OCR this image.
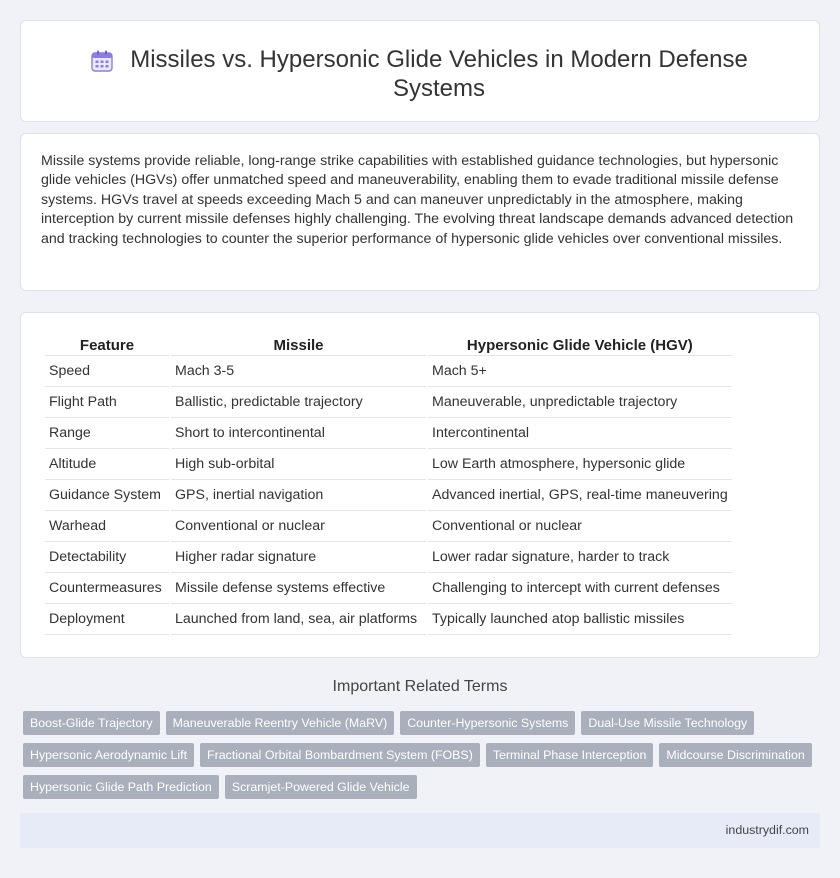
Missiles vs. Hypersonic Glide Vehicles in Modern Defense Systems

Missile systems provide reliable, long-range strike capabilities with established guidance technologies, but hypersonic glide vehicles (HGVs) offer unmatched speed and maneuverability, enabling them to evade traditional missile defense systems. HGVs travel at speeds exceeding Mach 5 and can maneuver unpredictably in the atmosphere, making interception by current missile defenses highly challenging. The evolving threat landscape demands advanced detection and tracking technologies to counter the superior performance of hypersonic glide vehicles over conventional missiles.

Feature	Missile	Hypersonic Glide Vehicle (HGV)
Speed	Mach 3-5	Mach 5+
Flight Path	Ballistic, predictable trajectory	Maneuverable, unpredictable trajectory
Range	Short to intercontinental	Intercontinental
Altitude	High sub-orbital	Low Earth atmosphere, hypersonic glide
Guidance System	GPS, inertial navigation	Advanced inertial, GPS, real-time maneuvering
Warhead	Conventional or nuclear	Conventional or nuclear
Detectability	Higher radar signature	Lower radar signature, harder to track
Countermeasures	Missile defense systems effective	Challenging to intercept with current defenses
Deployment	Launched from land, sea, air platforms	Typically launched atop ballistic missiles
Important Related Terms
Boost-Glide Trajectory	Maneuverable Reentry Vehicle (MaRV)	Counter-Hypersonic Systems	Dual-Use Missile Technology
Hypersonic Aerodynamic Lift	Fractional Orbital Bombardment System (FOBS)	Terminal Phase Interception	Midcourse Discrimination
Hypersonic Glide Path Prediction	Scramjet-Powered Glide Vehicle
industrydif.com
